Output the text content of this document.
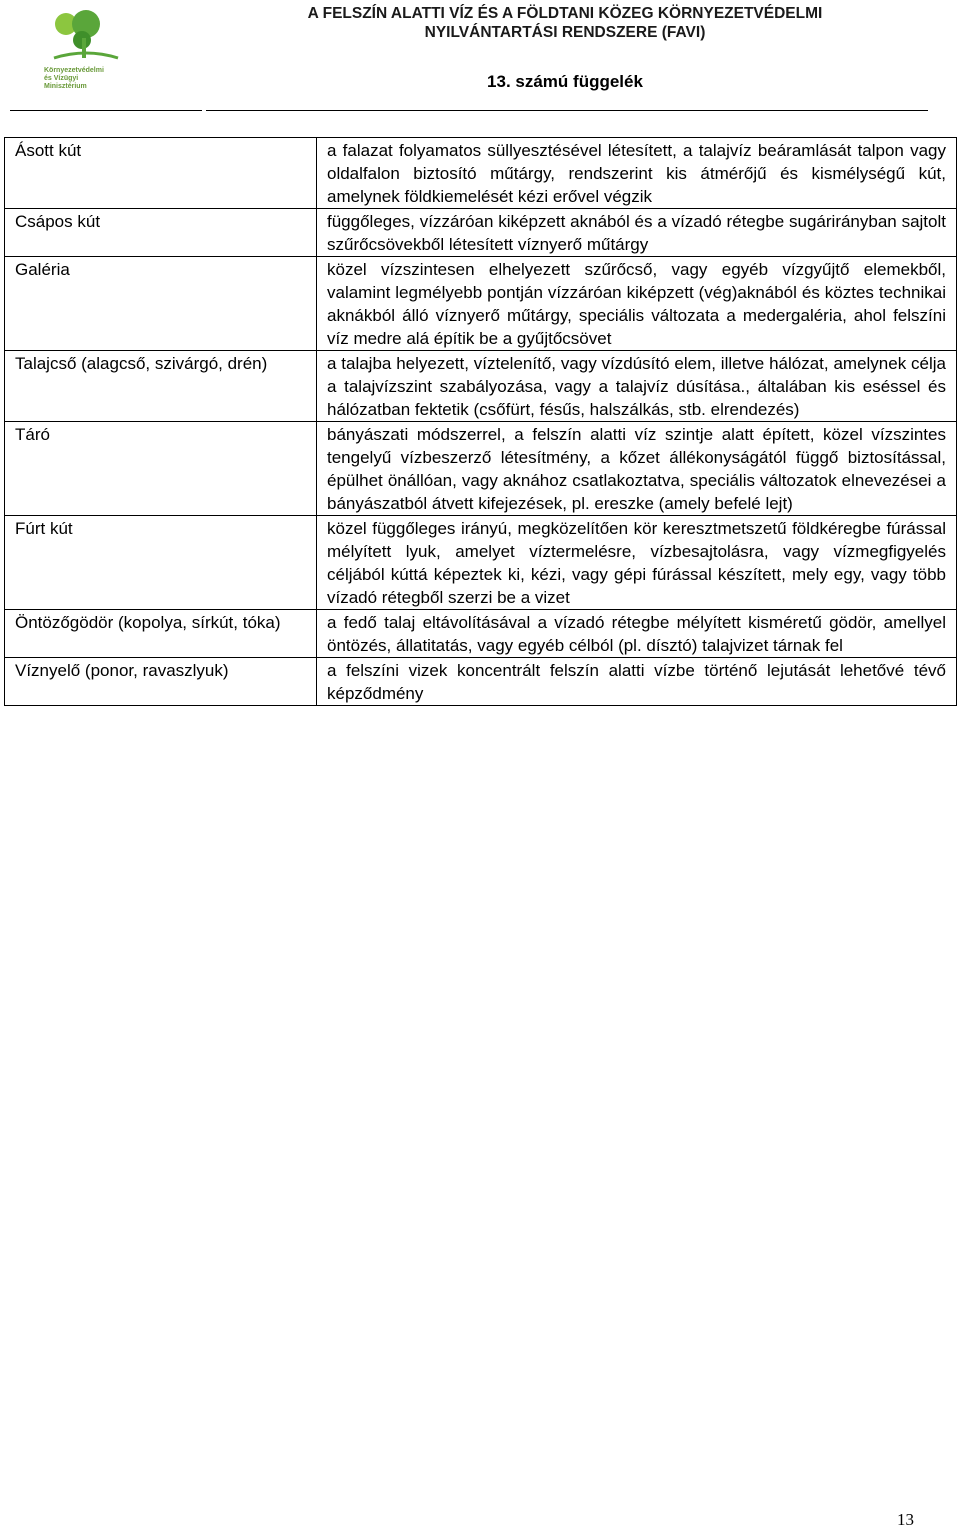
Környezetvédelmi
és Vízügyi
Minisztérium
A FELSZÍN ALATTI VÍZ ÉS A FÖLDTANI KÖZEG KÖRNYEZETVÉDELMI
NYILVÁNTARTÁSI RENDSZERE (FAVI)
13. számú függelék
Ásott kút	a falazat folyamatos süllyesztésével létesített, a talajvíz beáramlását talpon vagy oldalfalon biztosító műtárgy, rendszerint kis átmérőjű és kismélységű kút, amelynek földkiemelését kézi erővel végzik

Csápos kút	függőleges, vízzáróan kiképzett aknából és a vízadó rétegbe sugárirányban sajtolt szűrőcsövekből létesített víznyerő műtárgy

Galéria	közel vízszintesen elhelyezett szűrőcső, vagy egyéb vízgyűjtő elemekből, valamint legmélyebb pontján vízzáróan kiképzett (vég)aknából és köztes technikai aknákból álló víznyerő műtárgy, speciális változata a medergaléria, ahol felszíni víz medre alá építik be a gyűjtőcsövet

Talajcső (alagcső, szivárgó, drén)	a talajba helyezett, víztelenítő, vagy vízdúsító elem, illetve hálózat, amelynek célja a talajvízszint szabályozása, vagy a talajvíz dúsítása., általában kis eséssel és hálózatban fektetik (csőfürt, fésűs, halszálkás, stb. elrendezés)

Táró	bányászati módszerrel, a felszín alatti víz szintje alatt épített, közel vízszintes tengelyű vízbeszerző létesítmény, a kőzet állékonyságától függő biztosítással, épülhet önállóan, vagy aknához csatlakoztatva, speciális változatok elnevezései a bányászatból átvett kifejezések, pl. ereszke (amely befelé lejt)

Fúrt kút	közel függőleges irányú, megközelítően kör keresztmetszetű földkéregbe fúrással mélyített lyuk, amelyet víztermelésre, vízbesajtolásra, vagy vízmegfigyelés céljából kúttá képeztek ki, kézi, vagy gépi fúrással készített, mely egy, vagy több vízadó rétegből szerzi be a vizet

Öntözőgödör (kopolya, sírkút, tóka)	a fedő talaj eltávolításával a vízadó rétegbe mélyített kisméretű gödör, amellyel öntözés, állatitatás, vagy egyéb célból (pl. dísztó) talajvizet tárnak fel

Víznyelő (ponor, ravaszlyuk)	a felszíni vizek koncentrált felszín alatti vízbe történő lejutását lehetővé tévő képződmény
13
